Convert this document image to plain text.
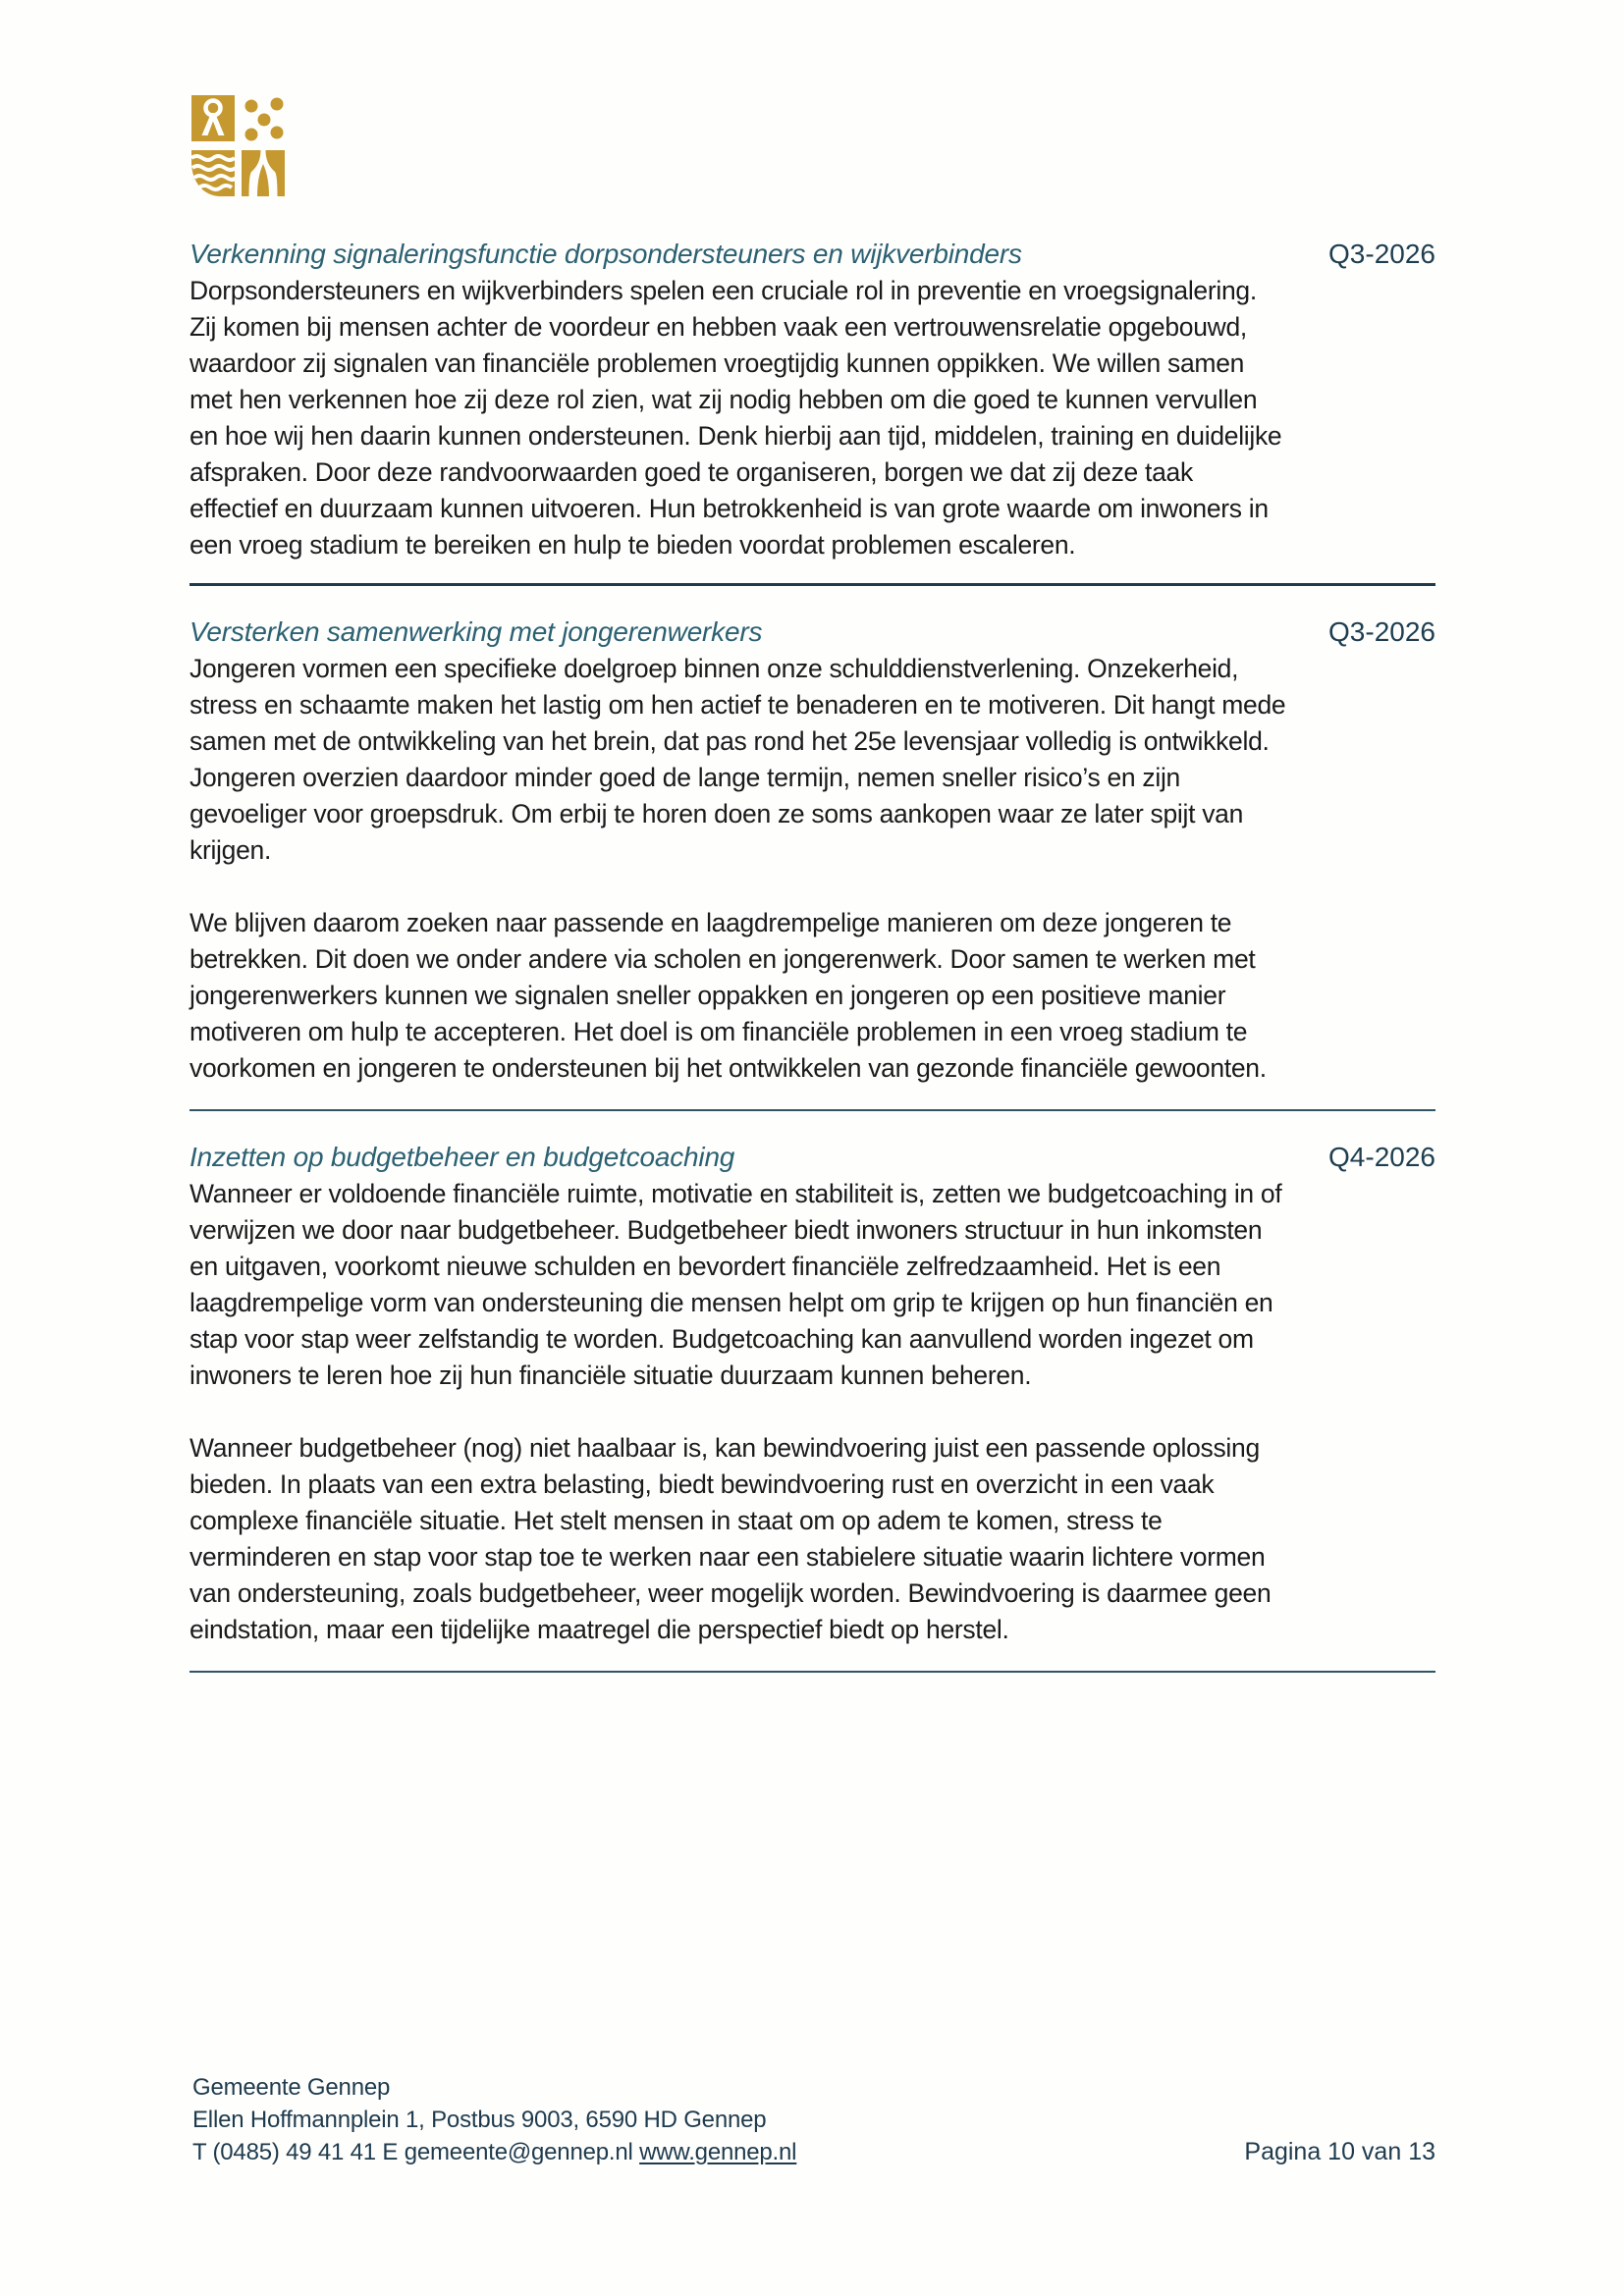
Verkenning signaleringsfunctie dorpsondersteuners en wijkverbinders	Q3-2026

Dorpsondersteuners en wijkverbinders spelen een cruciale rol in preventie en vroegsignalering. Zij komen bij mensen achter de voordeur en hebben vaak een vertrouwensrelatie opgebouwd, waardoor zij signalen van financiële problemen vroegtijdig kunnen oppikken. We willen samen met hen verkennen hoe zij deze rol zien, wat zij nodig hebben om die goed te kunnen vervullen en hoe wij hen daarin kunnen ondersteunen. Denk hierbij aan tijd, middelen, training en duidelijke afspraken. Door deze randvoorwaarden goed te organiseren, borgen we dat zij deze taak effectief en duurzaam kunnen uitvoeren. Hun betrokkenheid is van grote waarde om inwoners in een vroeg stadium te bereiken en hulp te bieden voordat problemen escaleren.

Versterken samenwerking met jongerenwerkers	Q3-2026

Jongeren vormen een specifieke doelgroep binnen onze schulddienstverlening. Onzekerheid, stress en schaamte maken het lastig om hen actief te benaderen en te motiveren. Dit hangt mede samen met de ontwikkeling van het brein, dat pas rond het 25e levensjaar volledig is ontwikkeld. Jongeren overzien daardoor minder goed de lange termijn, nemen sneller risico’s en zijn gevoeliger voor groepsdruk. Om erbij te horen doen ze soms aankopen waar ze later spijt van krijgen.

We blijven daarom zoeken naar passende en laagdrempelige manieren om deze jongeren te betrekken. Dit doen we onder andere via scholen en jongerenwerk. Door samen te werken met jongerenwerkers kunnen we signalen sneller oppakken en jongeren op een positieve manier motiveren om hulp te accepteren. Het doel is om financiële problemen in een vroeg stadium te voorkomen en jongeren te ondersteunen bij het ontwikkelen van gezonde financiële gewoonten.

Inzetten op budgetbeheer en budgetcoaching	Q4-2026

Wanneer er voldoende financiële ruimte, motivatie en stabiliteit is, zetten we budgetcoaching in of verwijzen we door naar budgetbeheer. Budgetbeheer biedt inwoners structuur in hun inkomsten en uitgaven, voorkomt nieuwe schulden en bevordert financiële zelfredzaamheid. Het is een laagdrempelige vorm van ondersteuning die mensen helpt om grip te krijgen op hun financiën en stap voor stap weer zelfstandig te worden. Budgetcoaching kan aanvullend worden ingezet om inwoners te leren hoe zij hun financiële situatie duurzaam kunnen beheren.

Wanneer budgetbeheer (nog) niet haalbaar is, kan bewindvoering juist een passende oplossing bieden. In plaats van een extra belasting, biedt bewindvoering rust en overzicht in een vaak complexe financiële situatie. Het stelt mensen in staat om op adem te komen, stress te verminderen en stap voor stap toe te werken naar een stabielere situatie waarin lichtere vormen van ondersteuning, zoals budgetbeheer, weer mogelijk worden. Bewindvoering is daarmee geen eindstation, maar een tijdelijke maatregel die perspectief biedt op herstel.

Gemeente Gennep
Ellen Hoffmannplein 1, Postbus 9003, 6590 HD Gennep
T (0485) 49 41 41 E gemeente@gennep.nl www.gennep.nl	Pagina 10 van 13
